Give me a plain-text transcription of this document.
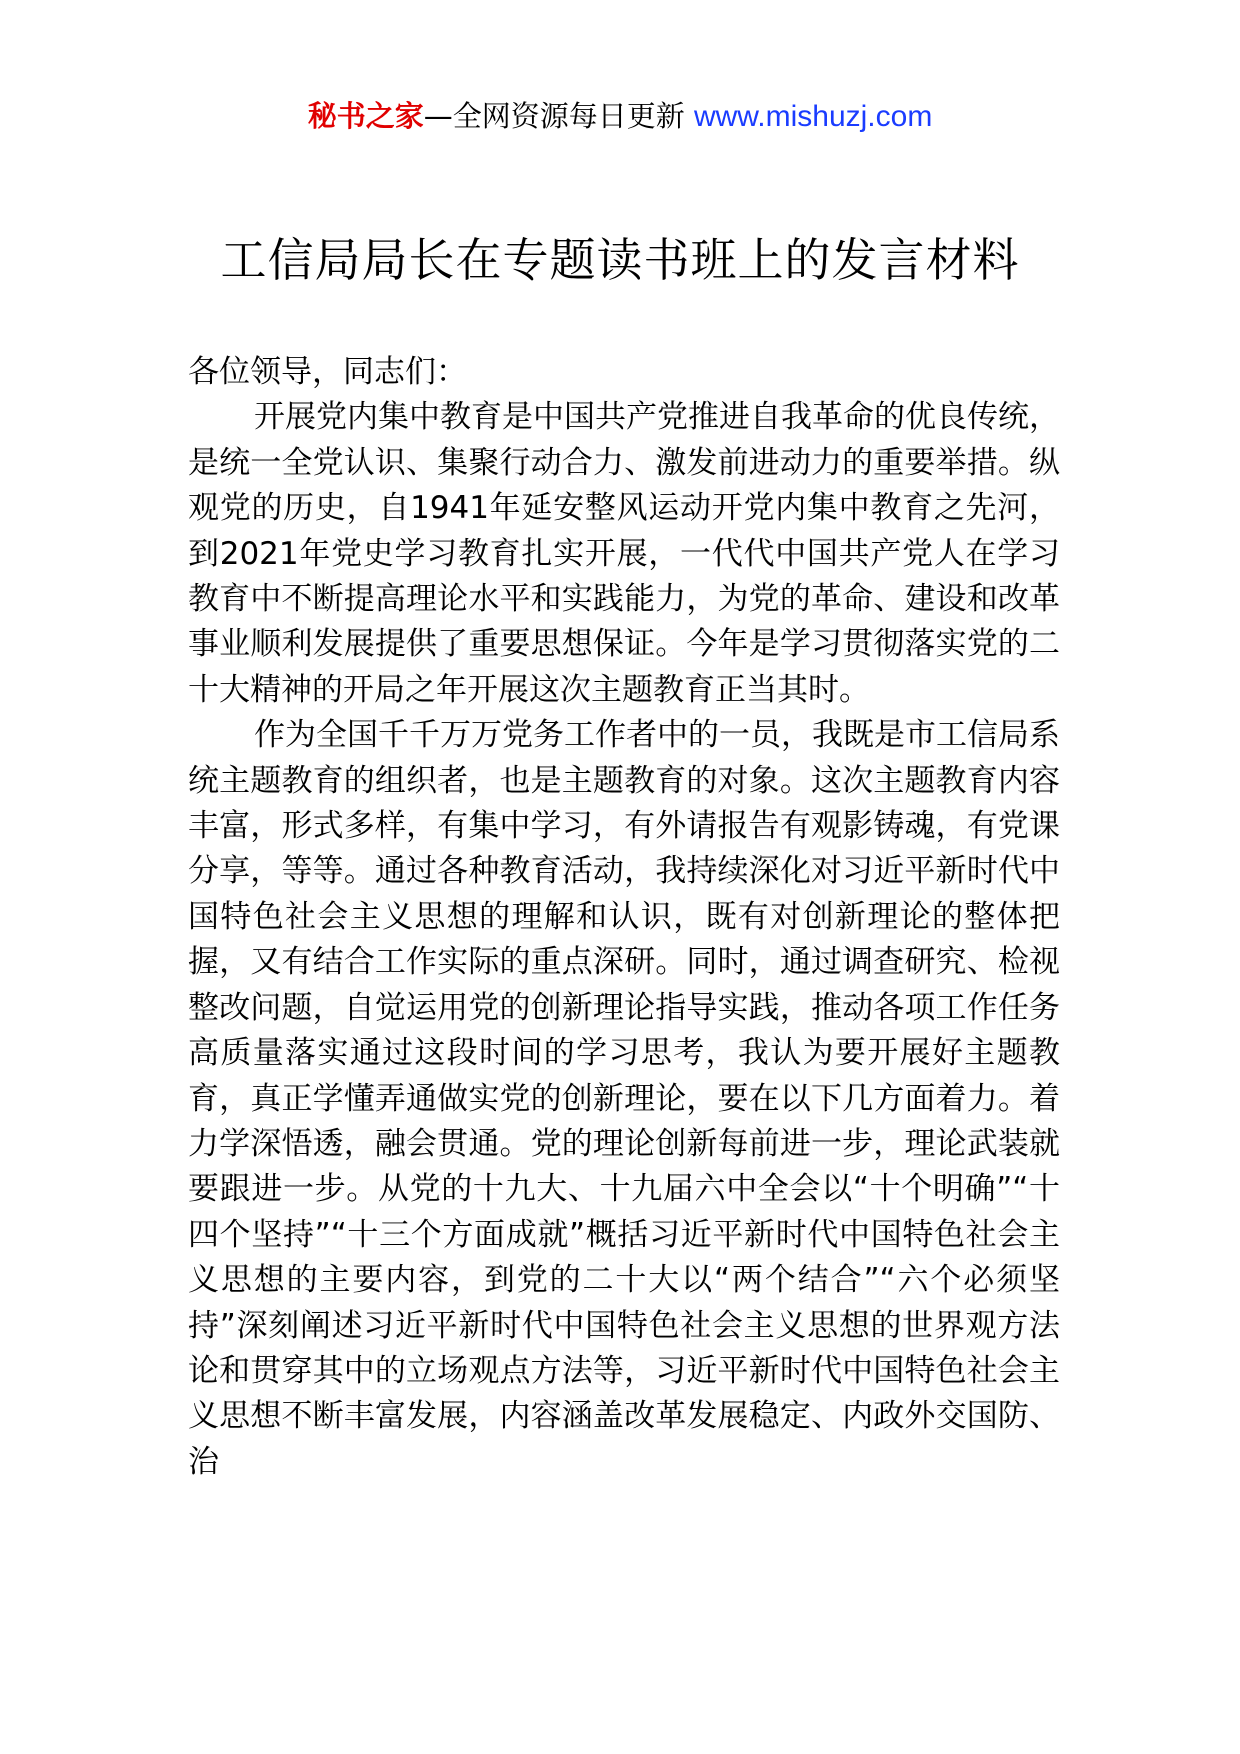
秘书之家—全网资源每日更新 www.mishuzj.com
工信局局长在专题读书班上的发言材料

各位领导，同志们：

开展党内集中教育是中国共产党推进自我革命的优良传统，是统一全党认识、集聚行动合力、激发前进动力的重要举措。纵观党的历史，自1941年延安整风运动开党内集中教育之先河，到2021年党史学习教育扎实开展，一代代中国共产党人在学习教育中不断提高理论水平和实践能力，为党的革命、建设和改革事业顺利发展提供了重要思想保证。今年是学习贯彻落实党的二十大精神的开局之年开展这次主题教育正当其时。

作为全国千千万万党务工作者中的一员，我既是市工信局系统主题教育的组织者，也是主题教育的对象。这次主题教育内容丰富，形式多样，有集中学习，有外请报告有观影铸魂，有党课分享，等等。通过各种教育活动，我持续深化对习近平新时代中国特色社会主义思想的理解和认识，既有对创新理论的整体把握，又有结合工作实际的重点深研。同时，通过调查研究、检视整改问题，自觉运用党的创新理论指导实践，推动各项工作任务高质量落实通过这段时间的学习思考，我认为要开展好主题教育，真正学懂弄通做实党的创新理论，要在以下几方面着力。着力学深悟透，融会贯通。党的理论创新每前进一步，理论武装就要跟进一步。从党的十九大、十九届六中全会以“十个明确”“十四个坚持”“十三个方面成就”概括习近平新时代中国特色社会主义思想的主要内容，到党的二十大以“两个结合”“六个必须坚持”深刻阐述习近平新时代中国特色社会主义思想的世界观方法论和贯穿其中的立场观点方法等，习近平新时代中国特色社会主义思想不断丰富发展，内容涵盖改革发展稳定、内政外交国防、治
